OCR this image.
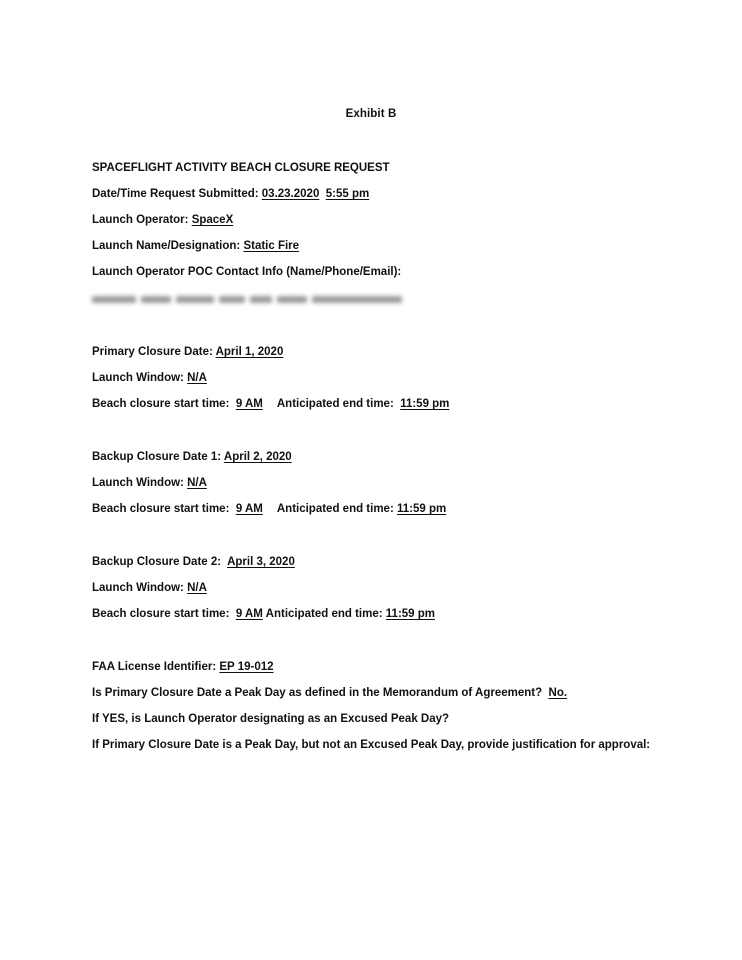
Exhibit B
SPACEFLIGHT ACTIVITY BEACH CLOSURE REQUEST
Date/Time Request Submitted: 03.23.2020 5:55 pm
Launch Operator: SpaceX
Launch Name/Designation: Static Fire
Launch Operator POC Contact Info (Name/Phone/Email):
Primary Closure Date: April 1, 2020
Launch Window: N/A
Beach closure start time: 9 AM Anticipated end time: 11:59 pm
Backup Closure Date 1: April 2, 2020
Launch Window: N/A
Beach closure start time: 9 AM Anticipated end time: 11:59 pm
Backup Closure Date 2: April 3, 2020
Launch Window: N/A
Beach closure start time: 9 AM Anticipated end time: 11:59 pm
FAA License Identifier: EP 19-012
Is Primary Closure Date a Peak Day as defined in the Memorandum of Agreement? No.
If YES, is Launch Operator designating as an Excused Peak Day?
If Primary Closure Date is a Peak Day, but not an Excused Peak Day, provide justification for approval:
